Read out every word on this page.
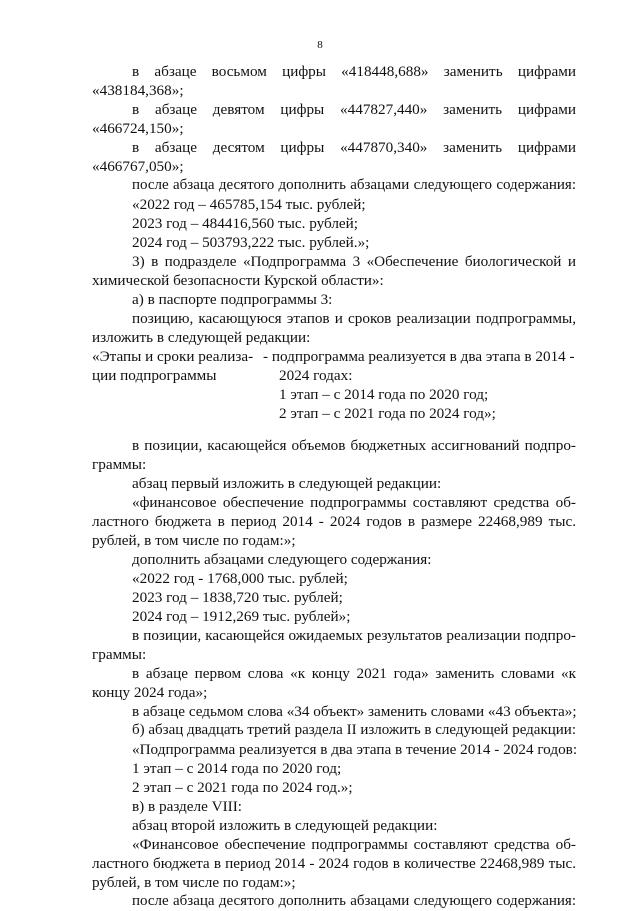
8
в абзаце восьмом цифры «418448,688» заменить цифрами
«438184,368»;
в абзаце девятом цифры «447827,440» заменить цифрами
«466724,150»;
в абзаце десятом цифры «447870,340» заменить цифрами
«466767,050»;
после абзаца десятого дополнить абзацами следующего содержания:
«2022 год – 465785,154 тыс. рублей;
2023 год – 484416,560 тыс. рублей;
2024 год – 503793,222 тыс. рублей.»;
3) в подразделе «Подпрограмма 3 «Обеспечение биологической и
химической безопасности Курской области»:
а) в паспорте подпрограммы 3:
позицию, касающуюся этапов и сроков реализации подпрограммы,
изложить в следующей редакции:
«Этапы и сроки реализа-
ции подпрограммы
- подпрограмма реализуется в два этапа в 2014 -
2024 годах:
1 этап – с 2014 года по 2020 год;
2 этап – с 2021 года по 2024 год»;
в позиции, касающейся объемов бюджетных ассигнований подпро-
граммы:
абзац первый изложить в следующей редакции:
«финансовое обеспечение подпрограммы составляют средства об-
ластного бюджета в период 2014 - 2024 годов в размере 22468,989 тыс.
рублей, в том числе по годам:»;
дополнить абзацами следующего содержания:
«2022 год - 1768,000 тыс. рублей;
2023 год – 1838,720 тыс. рублей;
2024 год – 1912,269 тыс. рублей»;
в позиции, касающейся ожидаемых результатов реализации подпро-
граммы:
в абзаце первом слова «к концу 2021 года» заменить словами «к
концу 2024 года»;
в абзаце седьмом слова «34 объект» заменить словами «43 объекта»;
б) абзац двадцать третий раздела II изложить в следующей редакции:
«Подпрограмма реализуется в два этапа в течение 2014 - 2024 годов:
1 этап – с 2014 года по 2020 год;
2 этап – с 2021 года по 2024 год.»;
в) в разделе VIII:
абзац второй изложить в следующей редакции:
«Финансовое обеспечение подпрограммы составляют средства об-
ластного бюджета в период 2014 - 2024 годов в количестве 22468,989 тыс.
рублей, в том числе по годам:»;
после абзаца десятого дополнить абзацами следующего содержания:
